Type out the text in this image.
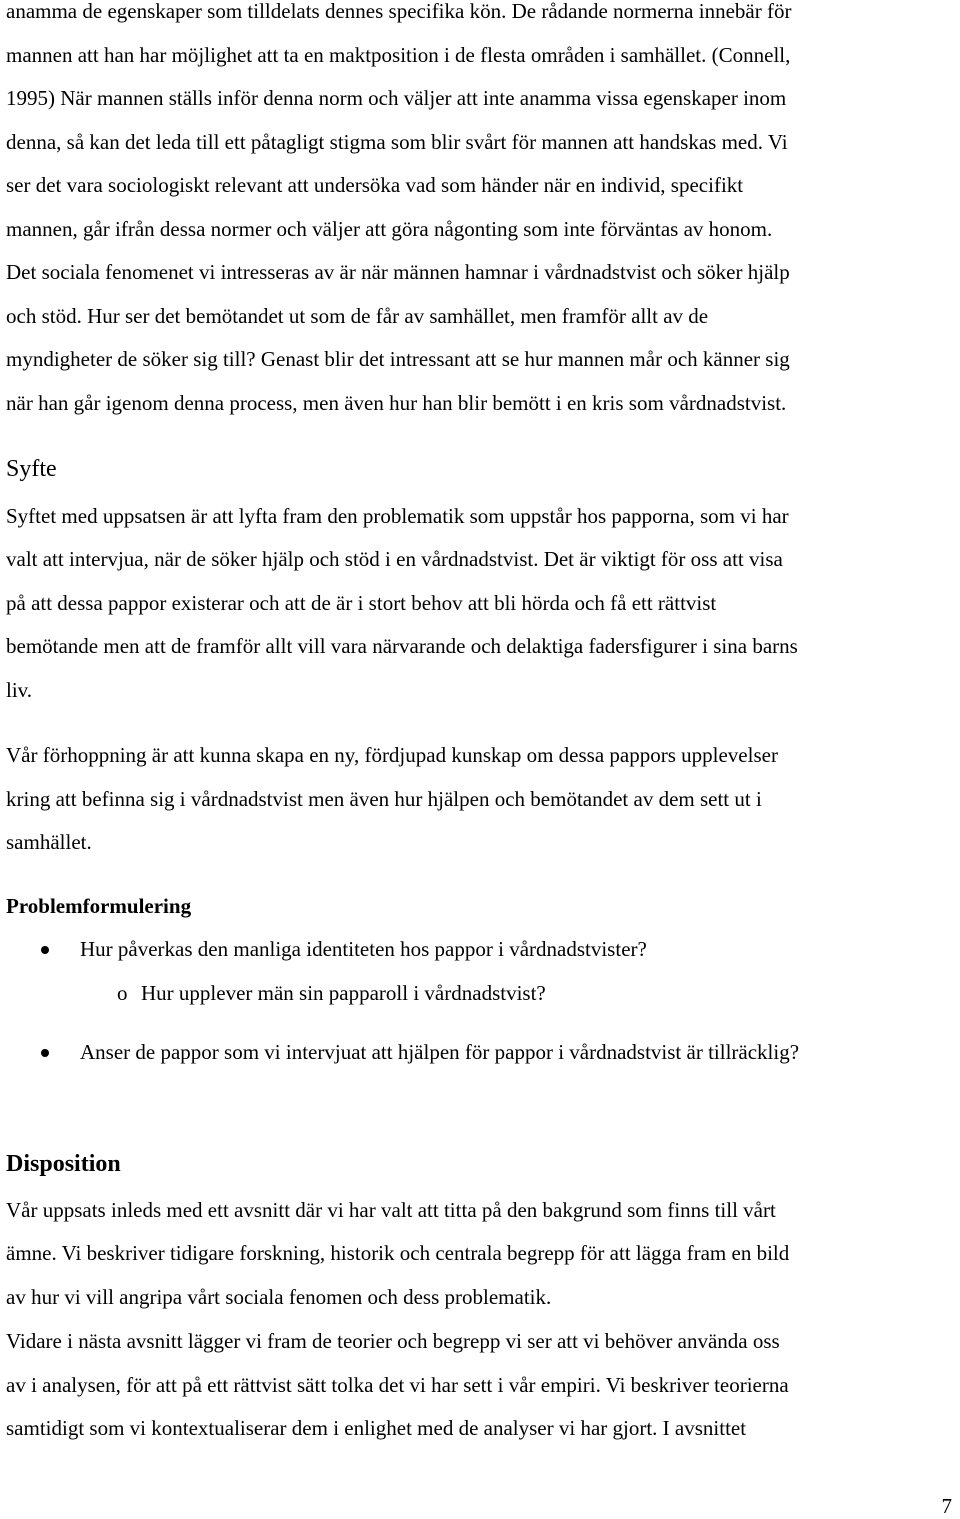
anamma de egenskaper som tilldelats dennes specifika kön. De rådande normerna innebär för

mannen att han har möjlighet att ta en maktposition i de flesta områden i samhället. (Connell,

1995) När mannen ställs inför denna norm och väljer att inte anamma vissa egenskaper inom

denna, så kan det leda till ett påtagligt stigma som blir svårt för mannen att handskas med. Vi

ser det vara sociologiskt relevant att undersöka vad som händer när en individ, specifikt

mannen, går ifrån dessa normer och väljer att göra någonting som inte förväntas av honom.

Det sociala fenomenet vi intresseras av är när männen hamnar i vårdnadstvist och söker hjälp

och stöd. Hur ser det bemötandet ut som de får av samhället, men framför allt av de

myndigheter de söker sig till? Genast blir det intressant att se hur mannen mår och känner sig

när han går igenom denna process, men även hur han blir bemött i en kris som vårdnadstvist.

Syfte

Syftet med uppsatsen är att lyfta fram den problematik som uppstår hos papporna, som vi har

valt att intervjua, när de söker hjälp och stöd i en vårdnadstvist. Det är viktigt för oss att visa

på att dessa pappor existerar och att de är i stort behov att bli hörda och få ett rättvist

bemötande men att de framför allt vill vara närvarande och delaktiga fadersfigurer i sina barns

liv.

Vår förhoppning är att kunna skapa en ny, fördjupad kunskap om dessa pappors upplevelser

kring att befinna sig i vårdnadstvist men även hur hjälpen och bemötandet av dem sett ut i

samhället.

Problemformulering

Hur påverkas den manliga identiteten hos pappor i vårdnadstvister?

o Hur upplever män sin papparoll i vårdnadstvist?

Anser de pappor som vi intervjuat att hjälpen för pappor i vårdnadstvist är tillräcklig?

Disposition

Vår uppsats inleds med ett avsnitt där vi har valt att titta på den bakgrund som finns till vårt

ämne. Vi beskriver tidigare forskning, historik och centrala begrepp för att lägga fram en bild

av hur vi vill angripa vårt sociala fenomen och dess problematik.

Vidare i nästa avsnitt lägger vi fram de teorier och begrepp vi ser att vi behöver använda oss

av i analysen, för att på ett rättvist sätt tolka det vi har sett i vår empiri. Vi beskriver teorierna

samtidigt som vi kontextualiserar dem i enlighet med de analyser vi har gjort. I avsnittet

7
